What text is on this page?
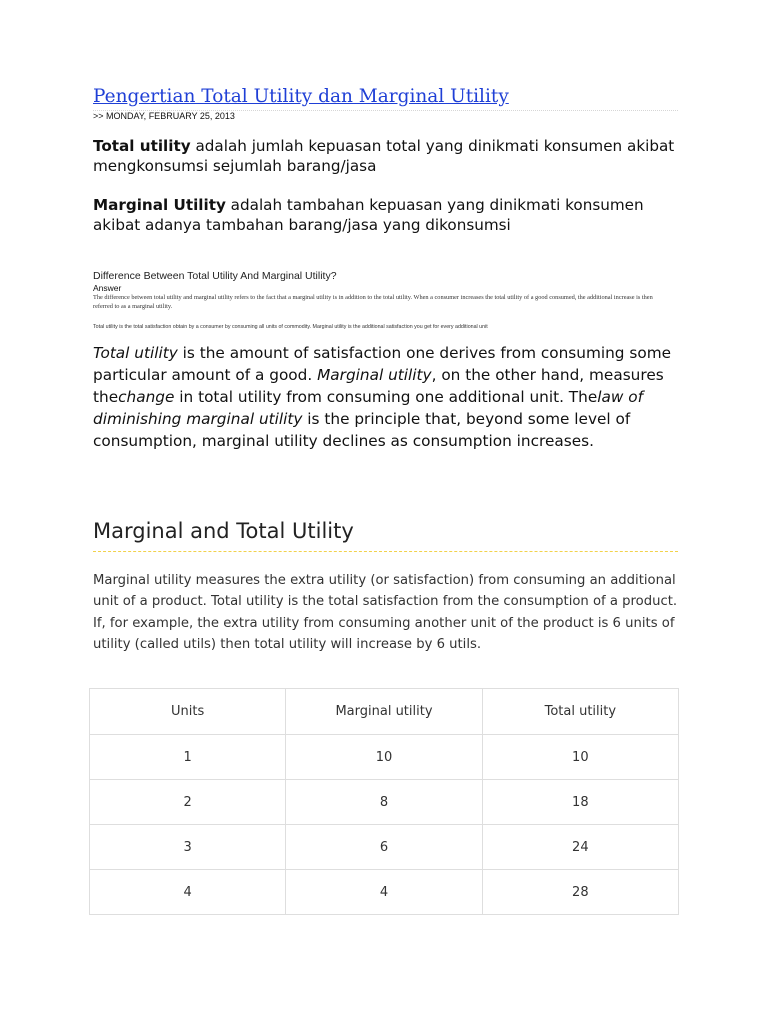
Pengertian Total Utility dan Marginal Utility
>> MONDAY, FEBRUARY 25, 2013
Total utility adalah jumlah kepuasan total yang dinikmati konsumen akibat mengkonsumsi sejumlah barang/jasa
Marginal Utility adalah tambahan kepuasan yang dinikmati konsumen akibat adanya tambahan barang/jasa yang dikonsumsi
Difference Between Total Utility And Marginal Utility?
Answer
The difference between total utility and marginal utility refers to the fact that a marginal utility is in addition to the total utility. When a consumer increases the total utility of a good consumed, the additional increase is then referred to as a marginal utility.
Total utility is the total satisfaction obtain by a consumer by consuming all units of commodity. Marginal utility is the additional satisfaction you get for every additional unit
Total utility is the amount of satisfaction one derives from consuming some particular amount of a good. Marginal utility, on the other hand, measures thechange in total utility from consuming one additional unit. Thelaw of diminishing marginal utility is the principle that, beyond some level of consumption, marginal utility declines as consumption increases.
Marginal and Total Utility
Marginal utility measures the extra utility (or satisfaction) from consuming an additional unit of a product. Total utility is the total satisfaction from the consumption of a product. If, for example, the extra utility from consuming another unit of the product is 6 units of utility (called utils) then total utility will increase by 6 utils.
Units	Marginal utility	Total utility
1	10	10
2	8	18
3	6	24
4	4	28
